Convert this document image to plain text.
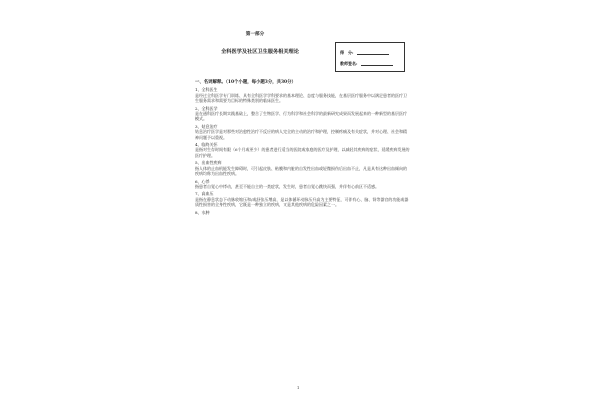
第一部分
全科医学及社区卫生服务相关理论	得　分:
教师签名:
一、名词解释。（10个小题，每小题3分，共30分）
1、全科医生
是经过全科医学专门训练、具有全科医学学科要求的基本理论、态度与服务技能，在基层医疗服务中以满足患者的医疗卫生服务需求和需要为目标的特殊类别的临床医生。
2、全科医学
是在通科医疗长期实践基础上，整合了生物医学、行为科学和社会科学的最新研究成果而发展起来的一种新型的基层医疗模式。
3、姑息治疗
姑息治疗医学是对那些对治愈性治疗不反应的病人完全的主动的治疗和护理，控制疼痛及有关症状，并对心理、社会和精神问题予以重视。
4、临终关怀
是指对生存时间有限（6个月或更少）的患者进行适当的医院或家庭的医疗及护理，以减轻其疾病的症状、延缓疾病发展的医疗护理。
5、出血性疾病
指人体的止血机能发生障碍时，可引起皮肤、粘膜和内脏的自发性出血或轻微损伤后出血不止，凡是具有这种出血倾向的疾病均称为出血性疾病。
6、心悸
指患者自觉心中悸动，甚至不能自主的一类症状，发生时，患者自觉心跳快而强，并伴有心前区不适感。
7、高血压
是指在静息状态下动脉收缩压和/或舒张压增高，是以体循环动脉压升高为主要特征，可伴有心、脑、肾等器官的功能或器质性损害的全身性疾病，它既是一种独立的疾病，又是其他疾病的危险因素之一。
8、水肿
1
